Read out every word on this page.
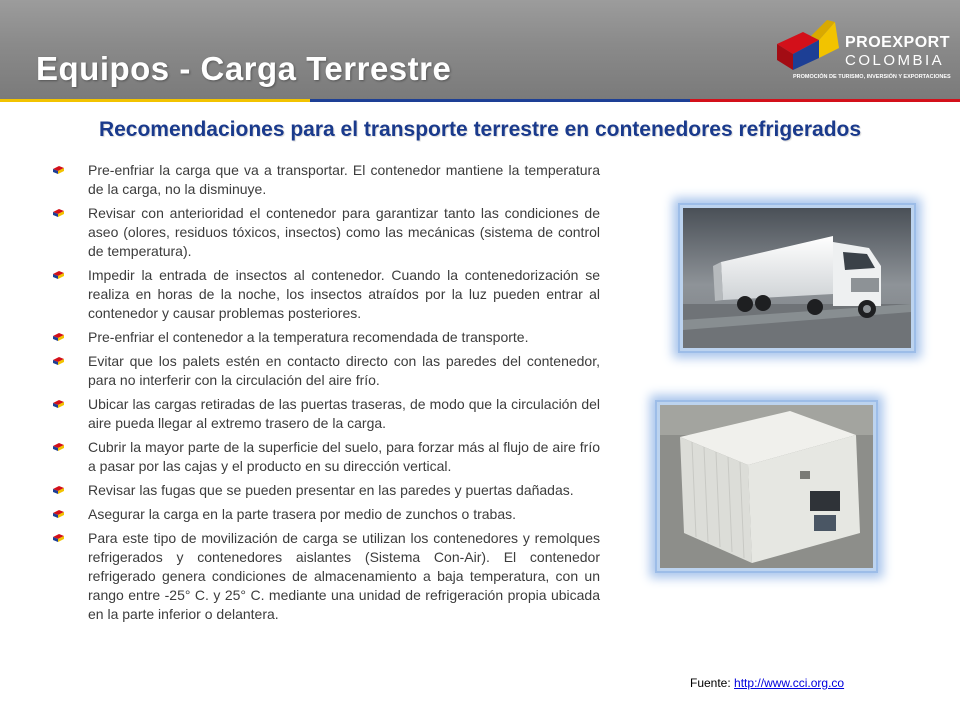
Equipos - Carga Terrestre
PROEXPORT
COLOMBIA
PROMOCIÓN DE TURISMO, INVERSIÓN Y EXPORTACIONES
Recomendaciones para el transporte terrestre en contenedores refrigerados
Pre-enfriar la carga que va a transportar. El contenedor mantiene la temperatura de la carga, no la disminuye.
Revisar con anterioridad el contenedor para garantizar tanto las condiciones de aseo (olores, residuos tóxicos, insectos) como las mecánicas (sistema de control de temperatura).
Impedir la entrada de insectos al contenedor. Cuando la contenedorización se realiza en horas de la noche, los insectos atraídos por la luz pueden entrar al contenedor y causar problemas posteriores.
Pre-enfriar el contenedor a la temperatura recomendada de transporte.
Evitar que los palets estén en contacto directo con las paredes del contenedor, para no interferir con la circulación del aire frío.
Ubicar las cargas retiradas de las puertas traseras, de modo que la circulación del aire pueda llegar al extremo trasero de la carga.
Cubrir la mayor parte de la superficie del suelo, para forzar más al flujo de aire frío a pasar por las cajas y el producto en su dirección vertical.
Revisar las fugas que se pueden presentar en las paredes y puertas dañadas.
Asegurar la carga en la parte trasera por medio de zunchos o trabas.
Para este tipo de movilización de carga se utilizan los contenedores y remolques refrigerados y contenedores aislantes (Sistema Con-Air). El contenedor refrigerado genera condiciones de almacenamiento a baja temperatura, con un rango entre -25° C. y 25° C. mediante una unidad de refrigeración propia ubicada en la parte inferior o delantera.
Fuente: http://www.cci.org.co
